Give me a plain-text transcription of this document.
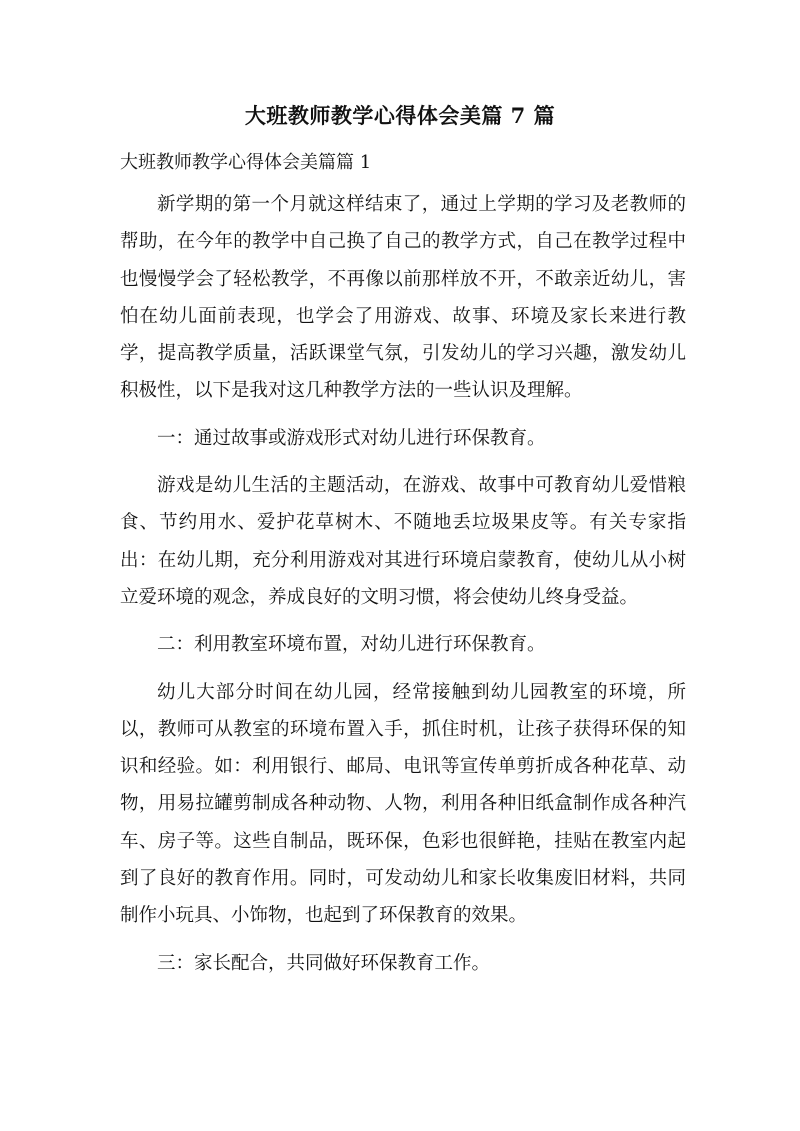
大班教师教学心得体会美篇 7 篇
大班教师教学心得体会美篇篇 1

新学期的第一个月就这样结束了，通过上学期的学习及老教师的帮助，在今年的教学中自己换了自己的教学方式，自己在教学过程中也慢慢学会了轻松教学，不再像以前那样放不开，不敢亲近幼儿，害怕在幼儿面前表现，也学会了用游戏、故事、环境及家长来进行教学，提高教学质量，活跃课堂气氛，引发幼儿的学习兴趣，激发幼儿积极性，以下是我对这几种教学方法的一些认识及理解。

一：通过故事或游戏形式对幼儿进行环保教育。

游戏是幼儿生活的主题活动，在游戏、故事中可教育幼儿爱惜粮食、节约用水、爱护花草树木、不随地丢垃圾果皮等。有关专家指出：在幼儿期，充分利用游戏对其进行环境启蒙教育，使幼儿从小树立爱环境的观念，养成良好的文明习惯，将会使幼儿终身受益。

二：利用教室环境布置，对幼儿进行环保教育。

幼儿大部分时间在幼儿园，经常接触到幼儿园教室的环境，所以，教师可从教室的环境布置入手，抓住时机，让孩子获得环保的知识和经验。如：利用银行、邮局、电讯等宣传单剪折成各种花草、动物，用易拉罐剪制成各种动物、人物，利用各种旧纸盒制作成各种汽车、房子等。这些自制品，既环保，色彩也很鲜艳，挂贴在教室内起到了良好的教育作用。同时，可发动幼儿和家长收集废旧材料，共同制作小玩具、小饰物，也起到了环保教育的效果。

三：家长配合，共同做好环保教育工作。
